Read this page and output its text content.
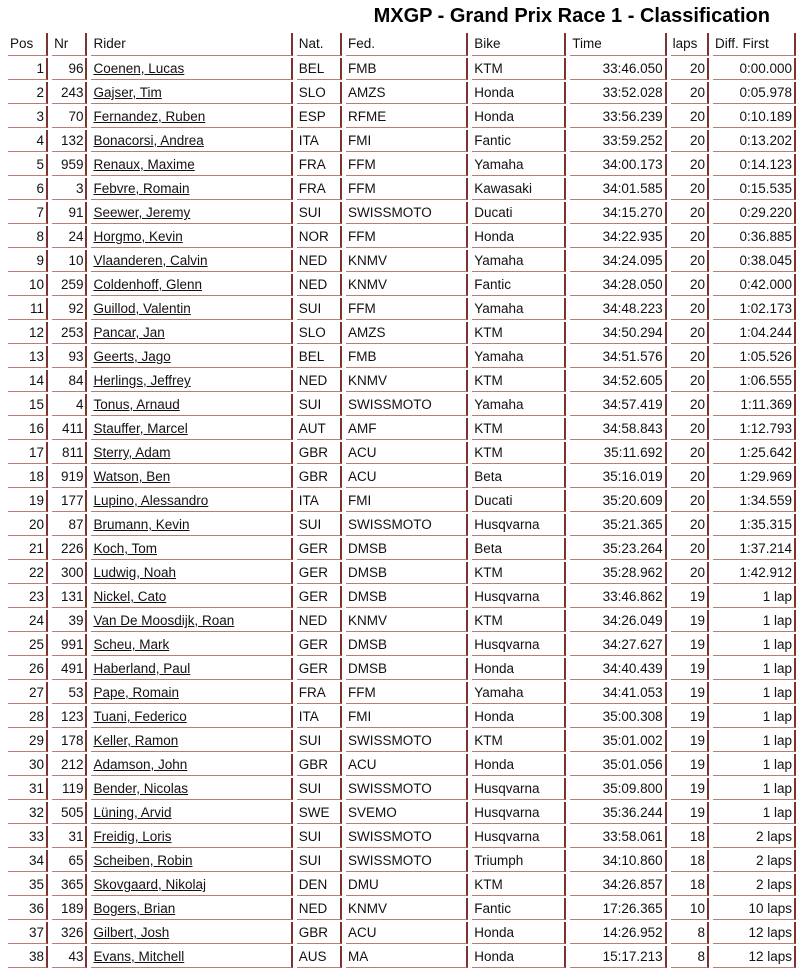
MXGP - Grand Prix Race 1 - Classification
Pos	Nr	Rider	Nat.	Fed.	Bike	Time	laps	Diff. First
1	96	Coenen, Lucas	BEL	FMB	KTM	33:46.050	20	0:00.000
2	243	Gajser, Tim	SLO	AMZS	Honda	33:52.028	20	0:05.978
3	70	Fernandez, Ruben	ESP	RFME	Honda	33:56.239	20	0:10.189
4	132	Bonacorsi, Andrea	ITA	FMI	Fantic	33:59.252	20	0:13.202
5	959	Renaux, Maxime	FRA	FFM	Yamaha	34:00.173	20	0:14.123
6	3	Febvre, Romain	FRA	FFM	Kawasaki	34:01.585	20	0:15.535
7	91	Seewer, Jeremy	SUI	SWISSMOTO	Ducati	34:15.270	20	0:29.220
8	24	Horgmo, Kevin	NOR	FFM	Honda	34:22.935	20	0:36.885
9	10	Vlaanderen, Calvin	NED	KNMV	Yamaha	34:24.095	20	0:38.045
10	259	Coldenhoff, Glenn	NED	KNMV	Fantic	34:28.050	20	0:42.000
11	92	Guillod, Valentin	SUI	FFM	Yamaha	34:48.223	20	1:02.173
12	253	Pancar, Jan	SLO	AMZS	KTM	34:50.294	20	1:04.244
13	93	Geerts, Jago	BEL	FMB	Yamaha	34:51.576	20	1:05.526
14	84	Herlings, Jeffrey	NED	KNMV	KTM	34:52.605	20	1:06.555
15	4	Tonus, Arnaud	SUI	SWISSMOTO	Yamaha	34:57.419	20	1:11.369
16	411	Stauffer, Marcel	AUT	AMF	KTM	34:58.843	20	1:12.793
17	811	Sterry, Adam	GBR	ACU	KTM	35:11.692	20	1:25.642
18	919	Watson, Ben	GBR	ACU	Beta	35:16.019	20	1:29.969
19	177	Lupino, Alessandro	ITA	FMI	Ducati	35:20.609	20	1:34.559
20	87	Brumann, Kevin	SUI	SWISSMOTO	Husqvarna	35:21.365	20	1:35.315
21	226	Koch, Tom	GER	DMSB	Beta	35:23.264	20	1:37.214
22	300	Ludwig, Noah	GER	DMSB	KTM	35:28.962	20	1:42.912
23	131	Nickel, Cato	GER	DMSB	Husqvarna	33:46.862	19	1 lap
24	39	Van De Moosdijk, Roan	NED	KNMV	KTM	34:26.049	19	1 lap
25	991	Scheu, Mark	GER	DMSB	Husqvarna	34:27.627	19	1 lap
26	491	Haberland, Paul	GER	DMSB	Honda	34:40.439	19	1 lap
27	53	Pape, Romain	FRA	FFM	Yamaha	34:41.053	19	1 lap
28	123	Tuani, Federico	ITA	FMI	Honda	35:00.308	19	1 lap
29	178	Keller, Ramon	SUI	SWISSMOTO	KTM	35:01.002	19	1 lap
30	212	Adamson, John	GBR	ACU	Honda	35:01.056	19	1 lap
31	119	Bender, Nicolas	SUI	SWISSMOTO	Husqvarna	35:09.800	19	1 lap
32	505	Lüning, Arvid	SWE	SVEMO	Husqvarna	35:36.244	19	1 lap
33	31	Freidig, Loris	SUI	SWISSMOTO	Husqvarna	33:58.061	18	2 laps
34	65	Scheiben, Robin	SUI	SWISSMOTO	Triumph	34:10.860	18	2 laps
35	365	Skovgaard, Nikolaj	DEN	DMU	KTM	34:26.857	18	2 laps
36	189	Bogers, Brian	NED	KNMV	Fantic	17:26.365	10	10 laps
37	326	Gilbert, Josh	GBR	ACU	Honda	14:26.952	8	12 laps
38	43	Evans, Mitchell	AUS	MA	Honda	15:17.213	8	12 laps
